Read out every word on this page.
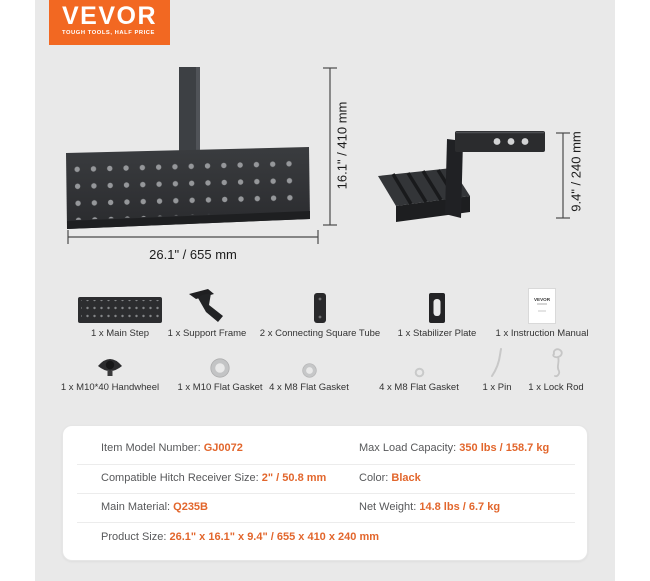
VEVOR
TOUGH TOOLS, HALF PRICE
16.1" / 410 mm
26.1" / 655 mm
9.4" / 240 mm
1 x Main Step 1 x Support Frame 2 x Connecting Square Tube 1 x Stabilizer Plate
VEVOR
1 x Instruction Manual
1 x M10*40 Handwheel 1 x M10 Flat Gasket 4 x M8 Flat Gasket	4 x M8 Flat Gasket 1 x Pin 1 x Lock Rod
Item Model Number: GJ0072	Max Load Capacity: 350 lbs / 158.7 kg
Compatible Hitch Receiver Size: 2" / 50.8 mm	Color: Black
Main Material: Q235B	Net Weight: 14.8 lbs / 6.7 kg
Product Size: 26.1" x 16.1" x 9.4" / 655 x 410 x 240 mm
